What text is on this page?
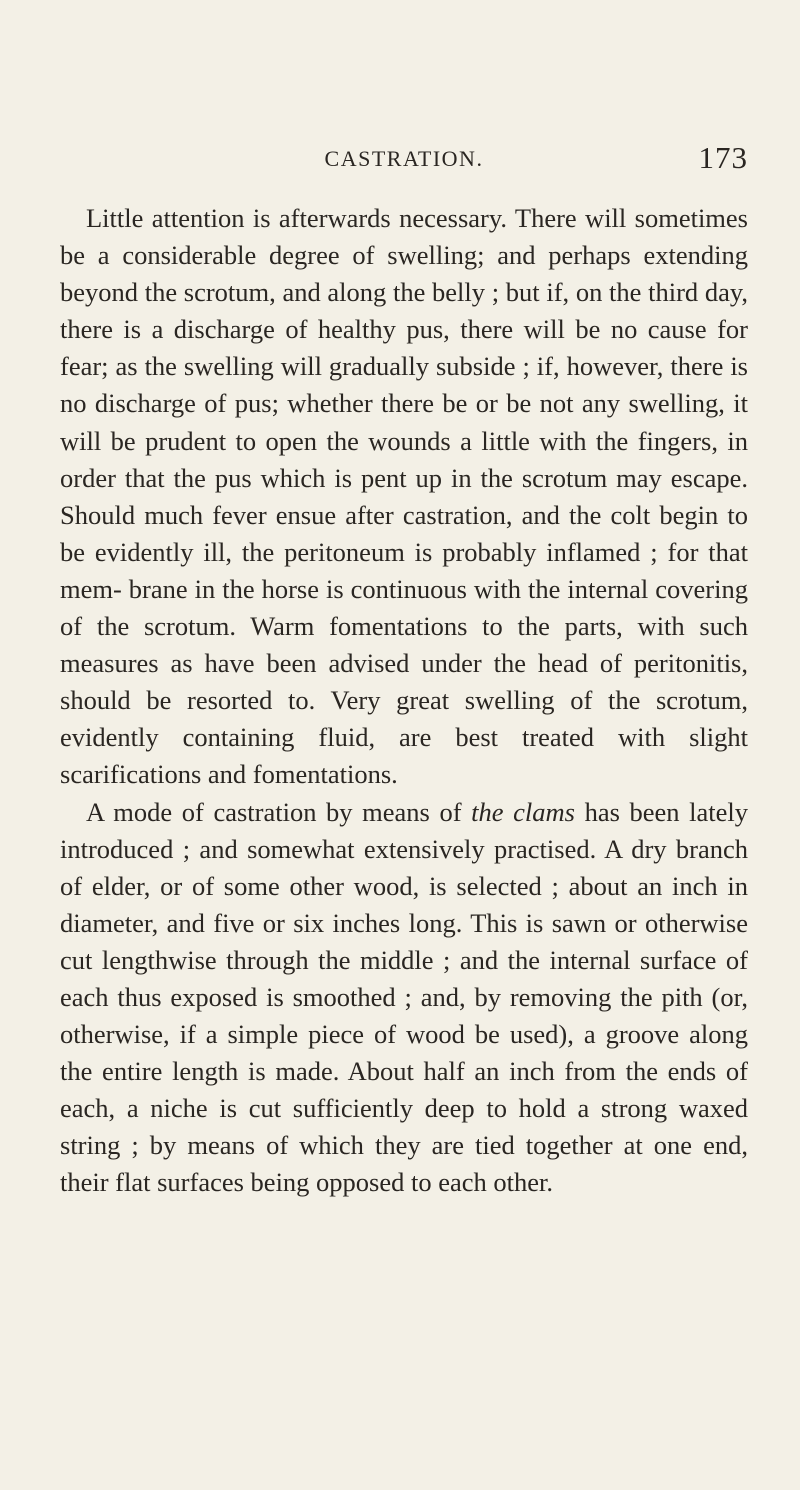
CASTRATION.	173

Little attention is afterwards necessary. There will sometimes be a considerable degree of swelling; and perhaps extending beyond the scrotum, and along the belly ; but if, on the third day, there is a discharge of healthy pus, there will be no cause for fear; as the swelling will gradually subside ; if, however, there is no discharge of pus; whether there be or be not any swelling, it will be prudent to open the wounds a little with the fingers, in order that the pus which is pent up in the scrotum may escape. Should much fever ensue after castration, and the colt begin to be evidently ill, the peritoneum is probably inflamed ; for that mem- brane in the horse is continuous with the internal covering of the scrotum. Warm fomentations to the parts, with such measures as have been advised under the head of peritonitis, should be resorted to. Very great swelling of the scrotum, evidently containing fluid, are best treated with slight scarifications and fomentations.

A mode of castration by means of the clams has been lately introduced ; and somewhat extensively practised. A dry branch of elder, or of some other wood, is selected ; about an inch in diameter, and five or six inches long. This is sawn or otherwise cut lengthwise through the middle ; and the internal surface of each thus exposed is smoothed ; and, by removing the pith (or, otherwise, if a simple piece of wood be used), a groove along the entire length is made. About half an inch from the ends of each, a niche is cut sufficiently deep to hold a strong waxed string ; by means of which they are tied together at one end, their flat surfaces being opposed to each other.
